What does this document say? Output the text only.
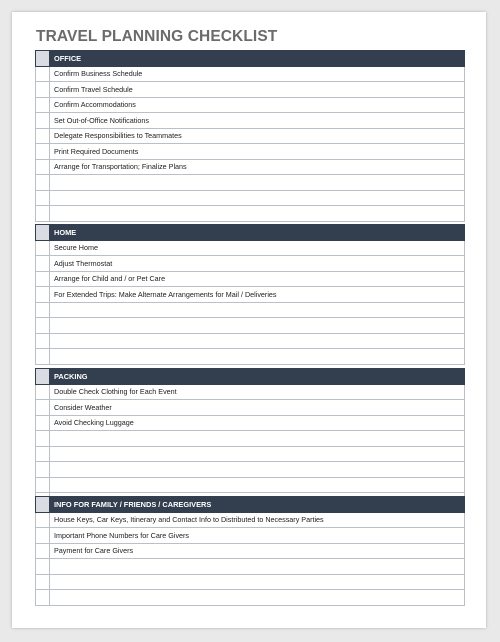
TRAVEL PLANNING CHECKLIST
	OFFICE
	Confirm Business Schedule
	Confirm Travel Schedule
	Confirm Accommodations
	Set Out-of-Office Notifications
	Delegate Responsibilities to Teammates
	Print Required Documents
	Arrange for Transportation; Finalize Plans

	HOME
	Secure Home
	Adjust Thermostat
	Arrange for Child and / or Pet Care
	For Extended Trips: Make Alternate Arrangements for Mail / Deliveries

	PACKING
	Double Check Clothing for Each Event
	Consider Weather
	Avoid Checking Luggage

	INFO FOR FAMILY / FRIENDS / CAREGIVERS
	House Keys, Car Keys, Itinerary and Contact Info to Distributed to Necessary Parties
	Important Phone Numbers for Care Givers
	Payment for Care Givers
